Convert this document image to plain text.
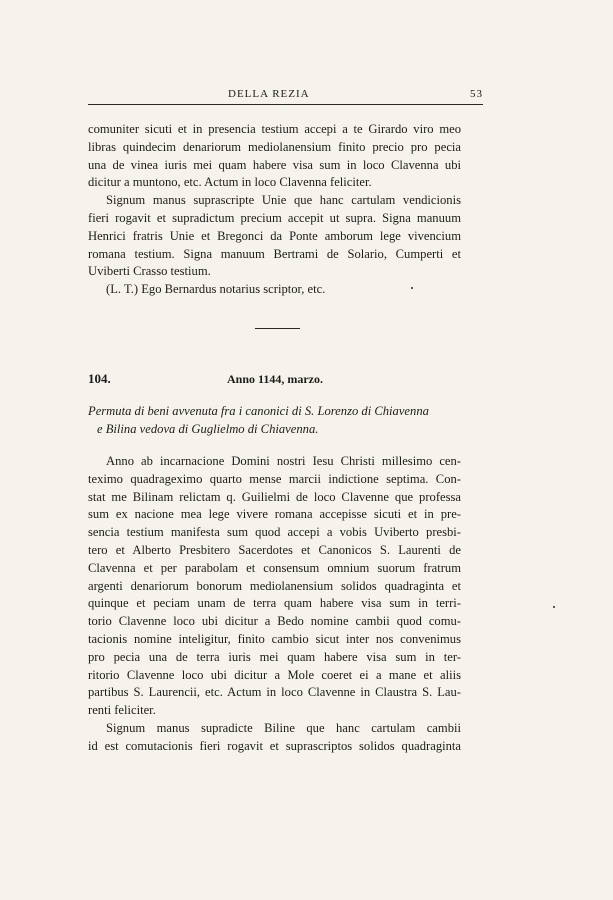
DELLA REZIA	53
comuniter sicuti et in presencia testium accepi a te Girardo viro meo
libras quindecim denariorum mediolanensium finito precio pro pecia
una de vinea iuris mei quam habere visa sum in loco Clavenna ubi
dicitur a muntono, etc. Actum in loco Clavenna feliciter.
Signum manus suprascripte Unie que hanc cartulam vendicionis
fieri rogavit et supradictum precium accepit ut supra. Signa manuum
Henrici fratris Unie et Bregonci da Ponte amborum lege vivencium
romana testium. Signa manuum Bertrami de Solario, Cumperti et
Uviberti Crasso testium.
(L. T.) Ego Bernardus notarius scriptor, etc.
104.	Anno 1144, marzo.
Permuta di beni avvenuta fra i canonici di S. Lorenzo di Chiavenna
e Bilina vedova di Guglielmo di Chiavenna.
Anno ab incarnacione Domini nostri Iesu Christi millesimo cen-
teximo quadrageximo quarto mense marcii indictione septima. Con-
stat me Bilinam relictam q. Guilielmi de loco Clavenne que professa
sum ex nacione mea lege vivere romana accepisse sicuti et in pre-
sencia testium manifesta sum quod accepi a vobis Uviberto presbi-
tero et Alberto Presbitero Sacerdotes et Canonicos S. Laurenti de
Clavenna et per parabolam et consensum omnium suorum fratrum
argenti denariorum bonorum mediolanensium solidos quadraginta et
quinque et peciam unam de terra quam habere visa sum in terri-
torio Clavenne loco ubi dicitur a Bedo nomine cambii quod comu-
tacionis nomine inteligitur, finito cambio sicut inter nos convenimus
pro pecia una de terra iuris mei quam habere visa sum in ter-
ritorio Clavenne loco ubi dicitur a Mole coeret ei a mane et aliis
partibus S. Laurencii, etc. Actum in loco Clavenne in Claustra S. Lau-
renti feliciter.
Signum manus supradicte Biline que hanc cartulam cambii
id est comutacionis fieri rogavit et suprascriptos solidos quadraginta
